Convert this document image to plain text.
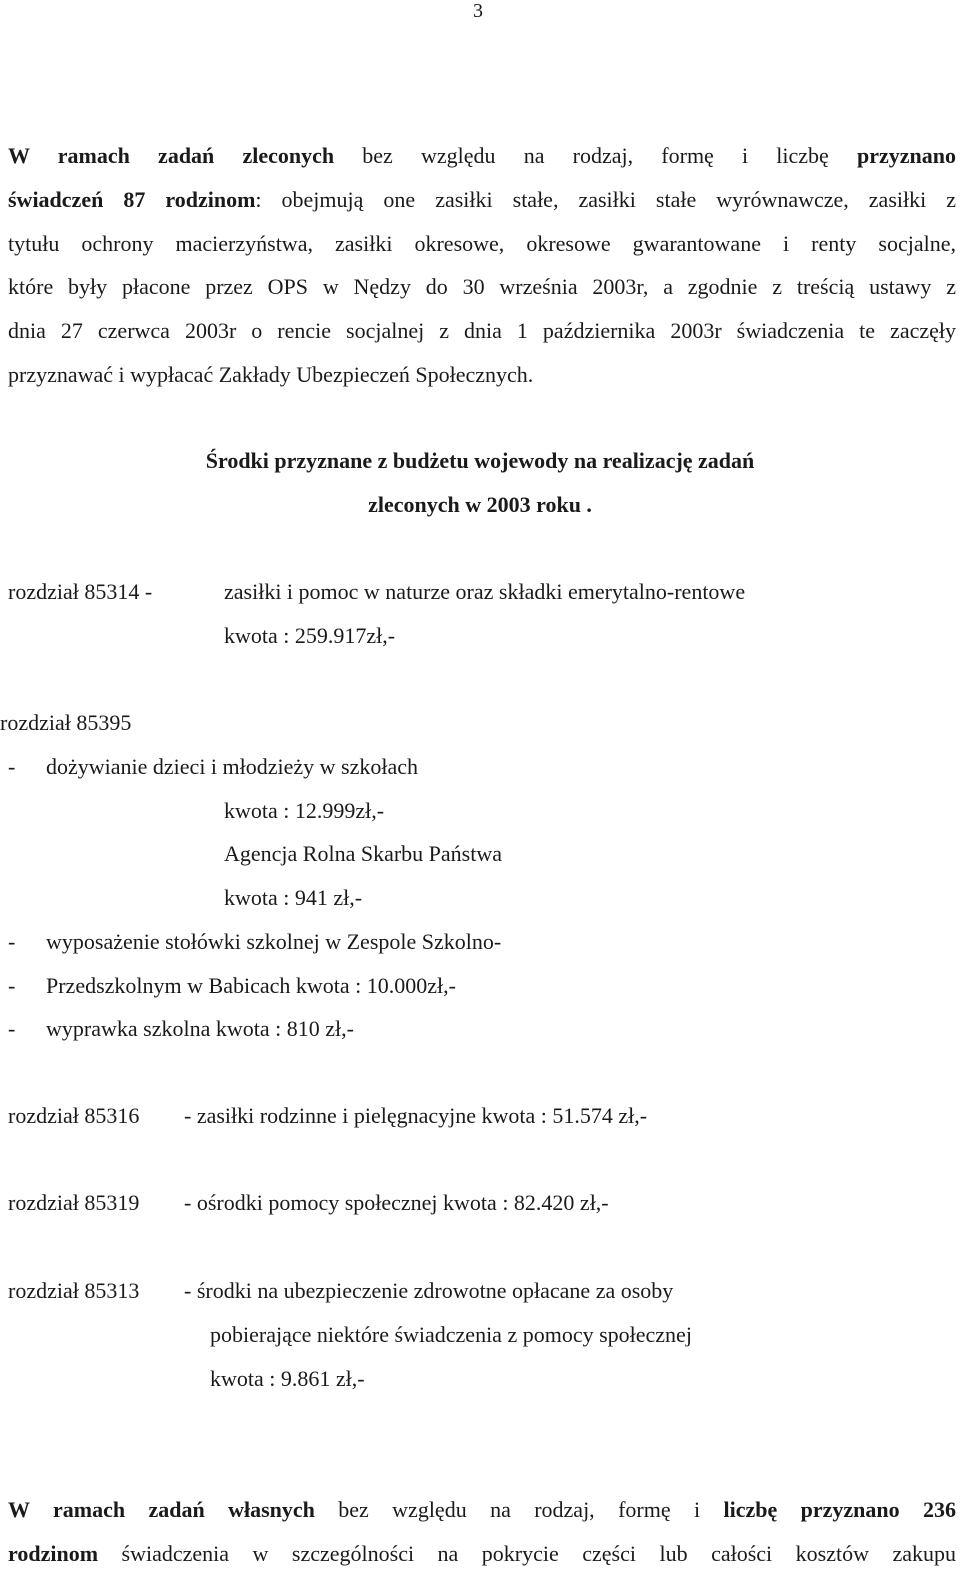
3
W ramach zadań zleconych bez względu na rodzaj, formę i liczbę przyznano
świadczeń 87 rodzinom: obejmują one zasiłki stałe, zasiłki stałe wyrównawcze, zasiłki z
tytułu ochrony macierzyństwa, zasiłki okresowe, okresowe gwarantowane i renty socjalne,
które były płacone przez OPS w Nędzy do 30 września 2003r, a zgodnie z treścią ustawy z
dnia 27 czerwca 2003r o rencie socjalnej z dnia 1 października 2003r świadczenia te zaczęły
przyznawać i wypłacać Zakłady Ubezpieczeń Społecznych.
Środki przyznane z budżetu wojewody na realizację zadań
zleconych w 2003 roku .
rozdział 85314 -	zasiłki i pomoc w naturze oraz składki emerytalno-rentowe
kwota : 259.917zł,-
rozdział 85395
- dożywianie dzieci i młodzieży w szkołach
kwota : 12.999zł,-
Agencja Rolna Skarbu Państwa
kwota : 941 zł,-
- wyposażenie stołówki szkolnej w Zespole Szkolno-
- Przedszkolnym w Babicach kwota : 10.000zł,-
- wyprawka szkolna kwota : 810 zł,-
rozdział 85316 - zasiłki rodzinne i pielęgnacyjne kwota : 51.574 zł,-
rozdział 85319 - ośrodki pomocy społecznej kwota : 82.420 zł,-
rozdział 85313 - środki na ubezpieczenie zdrowotne opłacane za osoby
pobierające niektóre świadczenia z pomocy społecznej
kwota : 9.861 zł,-
W ramach zadań własnych bez względu na rodzaj, formę i liczbę przyznano 236
rodzinom świadczenia w szczególności na pokrycie części lub całości kosztów zakupu
